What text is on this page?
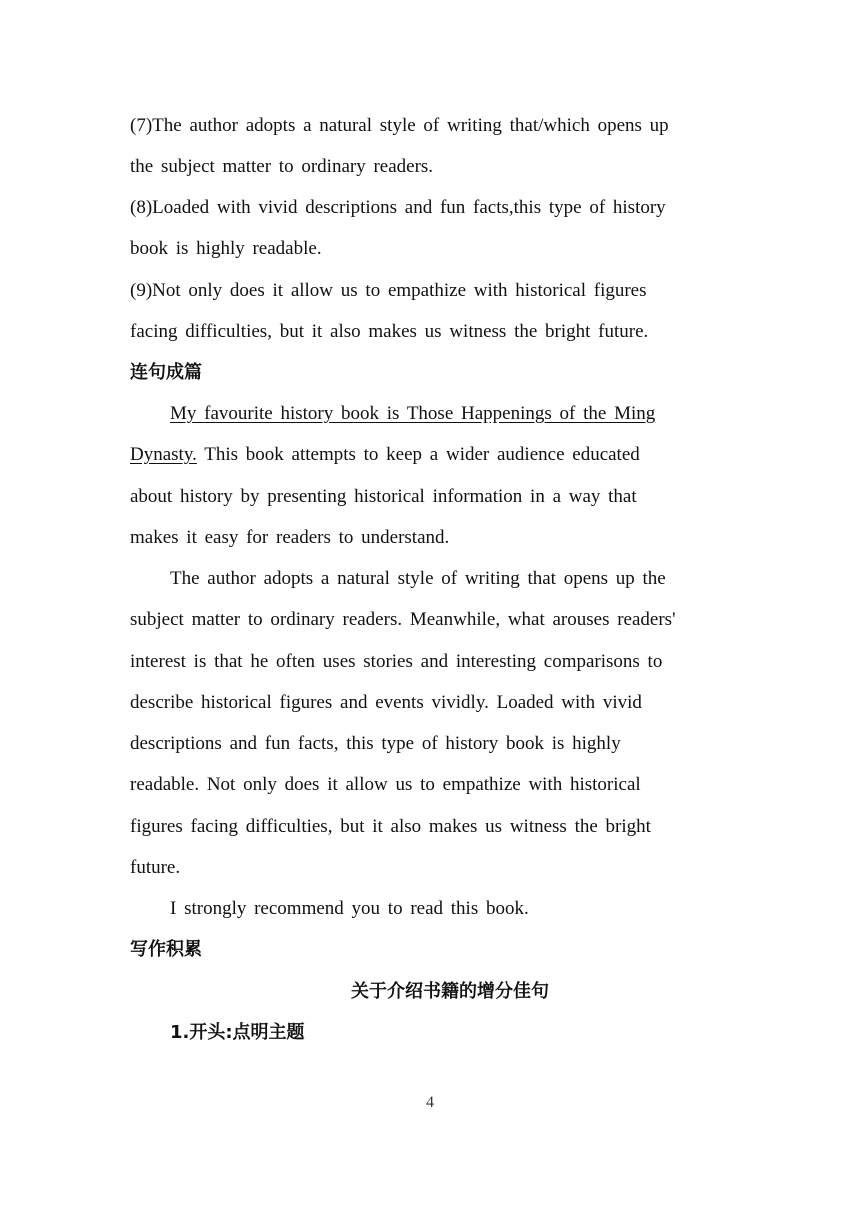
(7)The author adopts a natural style of writing that/which opens up
the subject matter to ordinary readers.
(8)Loaded with vivid descriptions and fun facts,this type of history
book is highly readable.
(9)Not only does it allow us to empathize with historical figures
facing difficulties, but it also makes us witness the bright future.
连句成篇
My favourite history book is Those Happenings of the Ming
Dynasty. This book attempts to keep a wider audience educated
about history by presenting historical information in a way that
makes it easy for readers to understand.
The author adopts a natural style of writing that opens up the
subject matter to ordinary readers. Meanwhile, what arouses readers'
interest is that he often uses stories and interesting comparisons to
describe historical figures and events vividly. Loaded with vivid
descriptions and fun facts, this type of history book is highly
readable. Not only does it allow us to empathize with historical
figures facing difficulties, but it also makes us witness the bright
future.
I strongly recommend you to read this book.
写作积累
关于介绍书籍的增分佳句
1.开头:点明主题
4
